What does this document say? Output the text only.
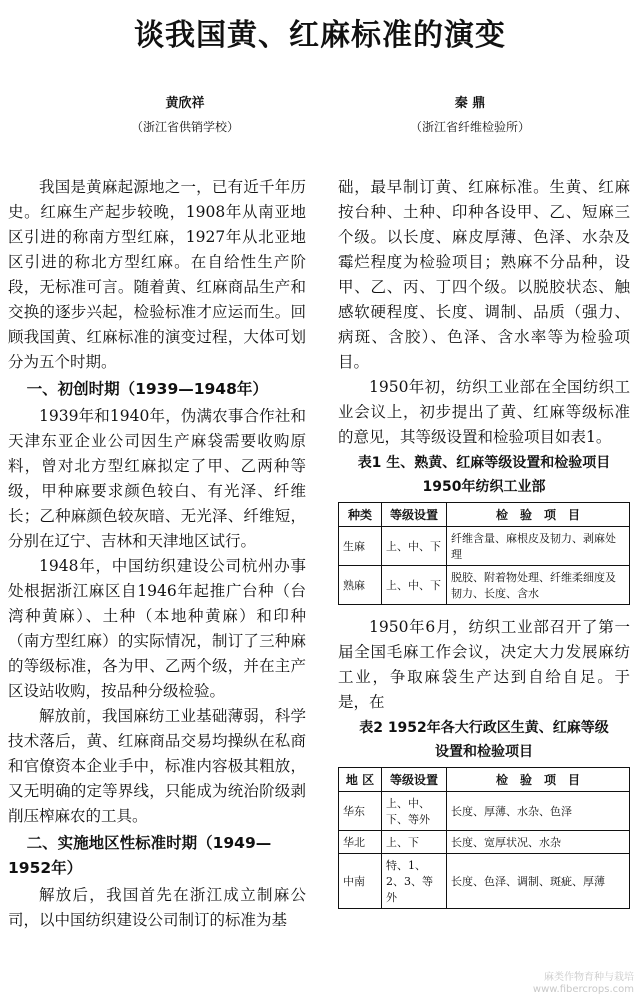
谈我国黄、红麻标准的演变
黄欣祥
（浙江省供销学校）
秦 鼎
（浙江省纤维检验所）

我国是黄麻起源地之一，已有近千年历史。红麻生产起步较晚，1908年从南亚地区引进的称南方型红麻，1927年从北亚地区引进的称北方型红麻。在自给性生产阶段，无标准可言。随着黄、红麻商品生产和交换的逐步兴起，检验标准才应运而生。回顾我国黄、红麻标准的演变过程，大体可划分为五个时期。

一、初创时期（1939—1948年）

1939年和1940年，伪满农事合作社和天津东亚企业公司因生产麻袋需要收购原料，曾对北方型红麻拟定了甲、乙两种等级，甲种麻要求颜色较白、有光泽、纤维长；乙种麻颜色较灰暗、无光泽、纤维短，分别在辽宁、吉林和天津地区试行。

1948年，中国纺织建设公司杭州办事处根据浙江麻区自1946年起推广台种（台湾种黄麻）、土种（本地种黄麻）和印种（南方型红麻）的实际情况，制订了三种麻的等级标准，各为甲、乙两个级，并在主产区设站收购，按品种分级检验。

解放前，我国麻纺工业基础薄弱，科学技术落后，黄、红麻商品交易均操纵在私商和官僚资本企业手中，标准内容极其粗放，又无明确的定等界线，只能成为统治阶级剥削压榨麻农的工具。

二、实施地区性标准时期（1949—1952年）

解放后，我国首先在浙江成立制麻公司，以中国纺织建设公司制订的标准为基

础，最早制订黄、红麻标准。生黄、红麻按台种、土种、印种各设甲、乙、短麻三个级。以长度、麻皮厚薄、色泽、水杂及霉烂程度为检验项目；熟麻不分品种，设甲、乙、丙、丁四个级。以脱胶状态、触感软硬程度、长度、调制、品质（强力、病斑、含胶）、色泽、含水率等为检验项目。

1950年初，纺织工业部在全国纺织工业会议上，初步提出了黄、红麻等级标准的意见，其等级设置和检验项目如表1。

表1 生、熟黄、红麻等级设置和检验项目
1950年纺织工业部
种类	等级设置	检　验　项　目
生麻	上、中、下	纤维含量、麻根皮及韧力、剥麻处理
熟麻	上、中、下	脱胶、附着物处理、纤维柔细度及韧力、长度、含水

1950年6月，纺织工业部召开了第一届全国毛麻工作会议，决定大力发展麻纺工业，争取麻袋生产达到自给自足。于是，在

表2 1952年各大行政区生黄、红麻等级
设置和检验项目
地 区	等级设置	检　验　项　目
华东	上、中、下、等外	长度、厚薄、水杂、色泽
华北	上、下	长度、宽厚状况、水杂
中南	特、1、2、3、等外	长度、色泽、调制、斑疵、厚薄
麻类作物育种与栽培
www.fibercrops.com
